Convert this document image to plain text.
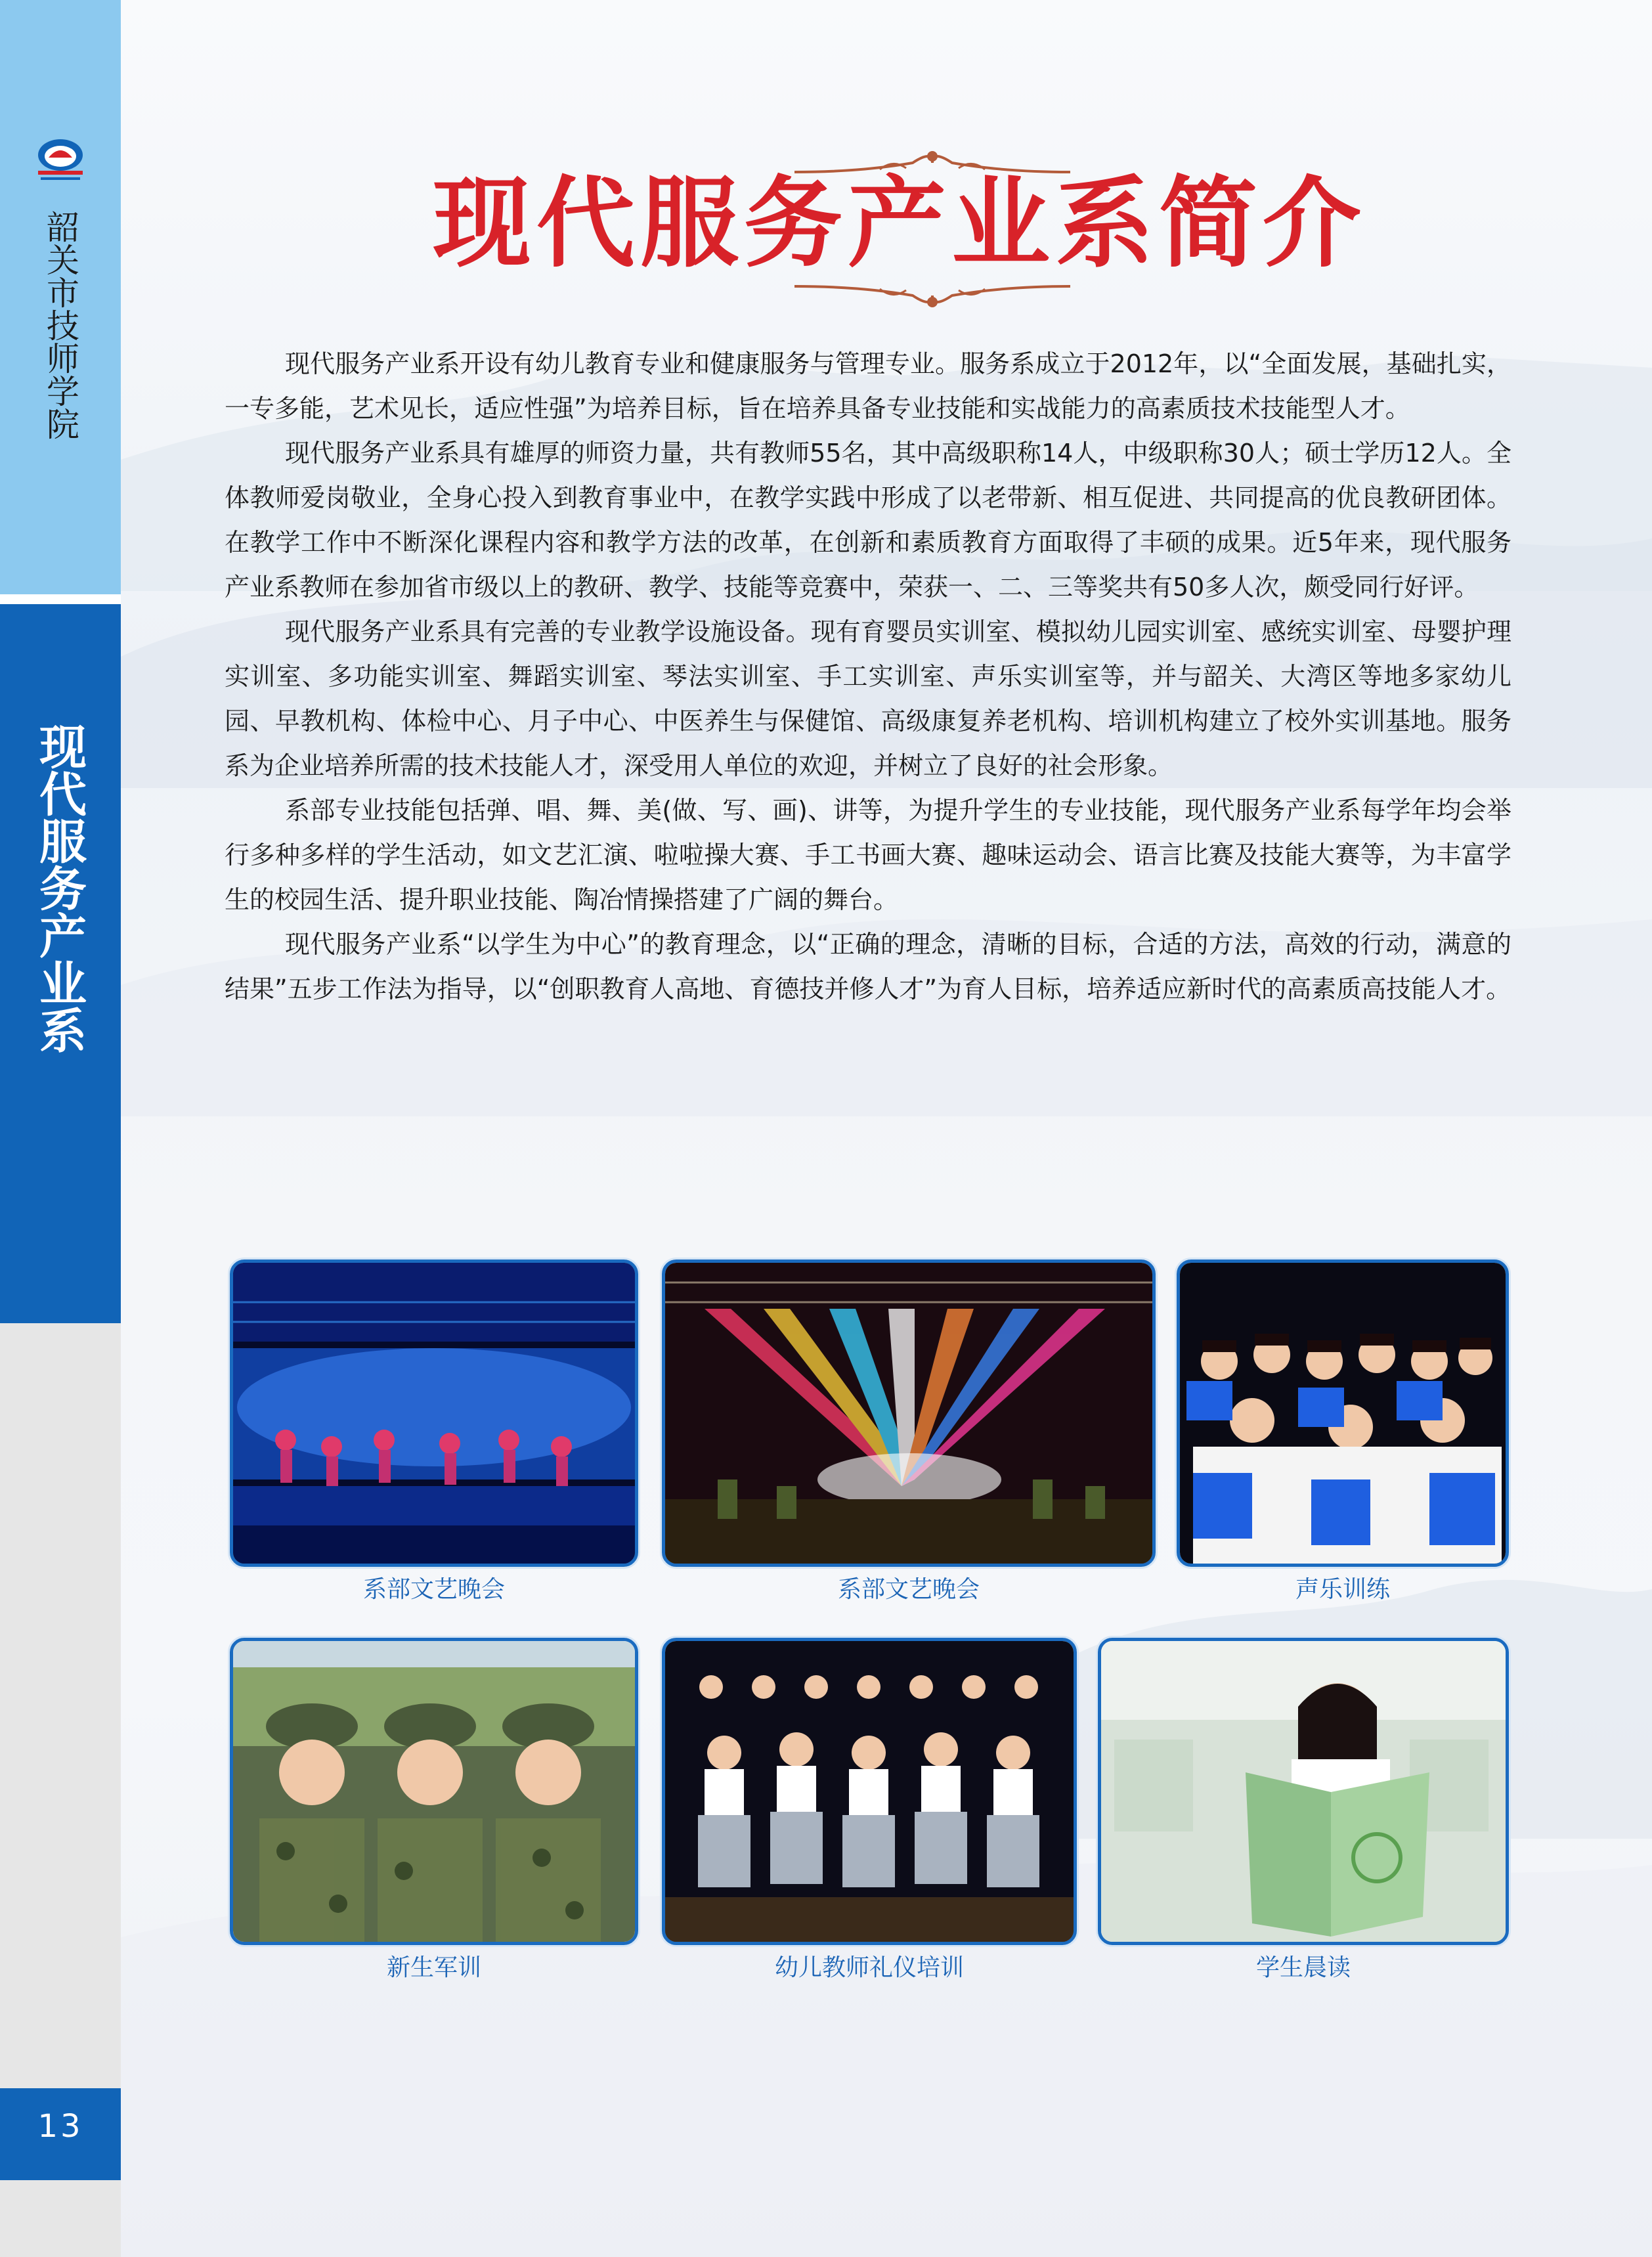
韶关市技师学院
现代服务产业系
13
现代服务产业系简介

现代服务产业系开设有幼儿教育专业和健康服务与管理专业。服务系成立于2012年，以“全面发展，基础扎实，一专多能，艺术见长，适应性强”为培养目标，旨在培养具备专业技能和实战能力的高素质技术技能型人才。

现代服务产业系具有雄厚的师资力量，共有教师55名，其中高级职称14人，中级职称30人；硕士学历12人。全体教师爱岗敬业，全身心投入到教育事业中，在教学实践中形成了以老带新、相互促进、共同提高的优良教研团体。在教学工作中不断深化课程内容和教学方法的改革，在创新和素质教育方面取得了丰硕的成果。近5年来，现代服务产业系教师在参加省市级以上的教研、教学、技能等竞赛中，荣获一、二、三等奖共有50多人次，颇受同行好评。

现代服务产业系具有完善的专业教学设施设备。现有育婴员实训室、模拟幼儿园实训室、感统实训室、母婴护理实训室、多功能实训室、舞蹈实训室、琴法实训室、手工实训室、声乐实训室等，并与韶关、大湾区等地多家幼儿园、早教机构、体检中心、月子中心、中医养生与保健馆、高级康复养老机构、培训机构建立了校外实训基地。服务系为企业培养所需的技术技能人才，深受用人单位的欢迎，并树立了良好的社会形象。

系部专业技能包括弹、唱、舞、美(做、写、画)、讲等，为提升学生的专业技能，现代服务产业系每学年均会举行多种多样的学生活动，如文艺汇演、啦啦操大赛、手工书画大赛、趣味运动会、语言比赛及技能大赛等，为丰富学生的校园生活、提升职业技能、陶冶情操搭建了广阔的舞台。

现代服务产业系“以学生为中心”的教育理念，以“正确的理念，清晰的目标，合适的方法，高效的行动，满意的结果”五步工作法为指导，以“创职教育人高地、育德技并修人才”为育人目标，培养适应新时代的高素质高技能人才。

系部文艺晚会	系部文艺晚会	声乐训练
新生军训	幼儿教师礼仪培训	学生晨读
